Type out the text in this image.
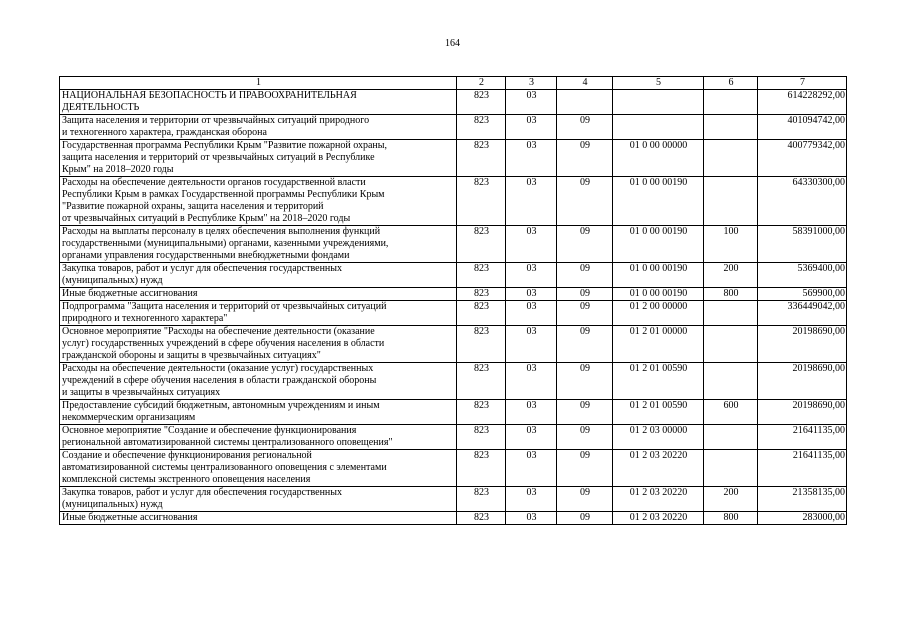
164
1	2	3	4	5	6	7

НАЦИОНАЛЬНАЯ БЕЗОПАСНОСТЬ И ПРАВООХРАНИТЕЛЬНАЯ
ДЕЯТЕЛЬНОСТЬ	823	03				614228292,00

Защита населения и территории от чрезвычайных ситуаций природного
и техногенного характера, гражданская оборона	823	03	09			401094742,00

Государственная программа Республики Крым "Развитие пожарной охраны,
защита населения и территорий от чрезвычайных ситуаций в Республике
Крым" на 2018–2020 годы	823	03	09	01 0 00 00000		400779342,00

Расходы на обеспечение деятельности органов государственной власти
Республики Крым в рамках Государственной программы Республики Крым
"Развитие пожарной охраны, защита населения и территорий
от чрезвычайных ситуаций в Республике Крым" на 2018–2020 годы	823	03	09	01 0 00 00190		64330300,00

Расходы на выплаты персоналу в целях обеспечения выполнения функций
государственными (муниципальными) органами, казенными учреждениями,
органами управления государственными внебюджетными фондами	823	03	09	01 0 00 00190	100	58391000,00

Закупка товаров, работ и услуг для обеспечения государственных
(муниципальных) нужд	823	03	09	01 0 00 00190	200	5369400,00

Иные бюджетные ассигнования	823	03	09	01 0 00 00190	800	569900,00

Подпрограмма "Защита населения и территорий от чрезвычайных ситуаций
природного и техногенного характера"	823	03	09	01 2 00 00000		336449042,00

Основное мероприятие "Расходы на обеспечение деятельности (оказание
услуг) государственных учреждений в сфере обучения населения в области
гражданской обороны и защиты в чрезвычайных ситуациях"	823	03	09	01 2 01 00000		20198690,00

Расходы на обеспечение деятельности (оказание услуг) государственных
учреждений в сфере обучения населения в области гражданской обороны
и защиты в чрезвычайных ситуациях	823	03	09	01 2 01 00590		20198690,00

Предоставление субсидий бюджетным, автономным учреждениям и иным
некоммерческим организациям	823	03	09	01 2 01 00590	600	20198690,00

Основное мероприятие "Создание и обеспечение функционирования
региональной автоматизированной системы централизованного оповещения"	823	03	09	01 2 03 00000		21641135,00

Создание и обеспечение функционирования региональной
автоматизированной системы централизованного оповещения с элементами
комплексной системы экстренного оповещения населения	823	03	09	01 2 03 20220		21641135,00

Закупка товаров, работ и услуг для обеспечения государственных
(муниципальных) нужд	823	03	09	01 2 03 20220	200	21358135,00

Иные бюджетные ассигнования	823	03	09	01 2 03 20220	800	283000,00
